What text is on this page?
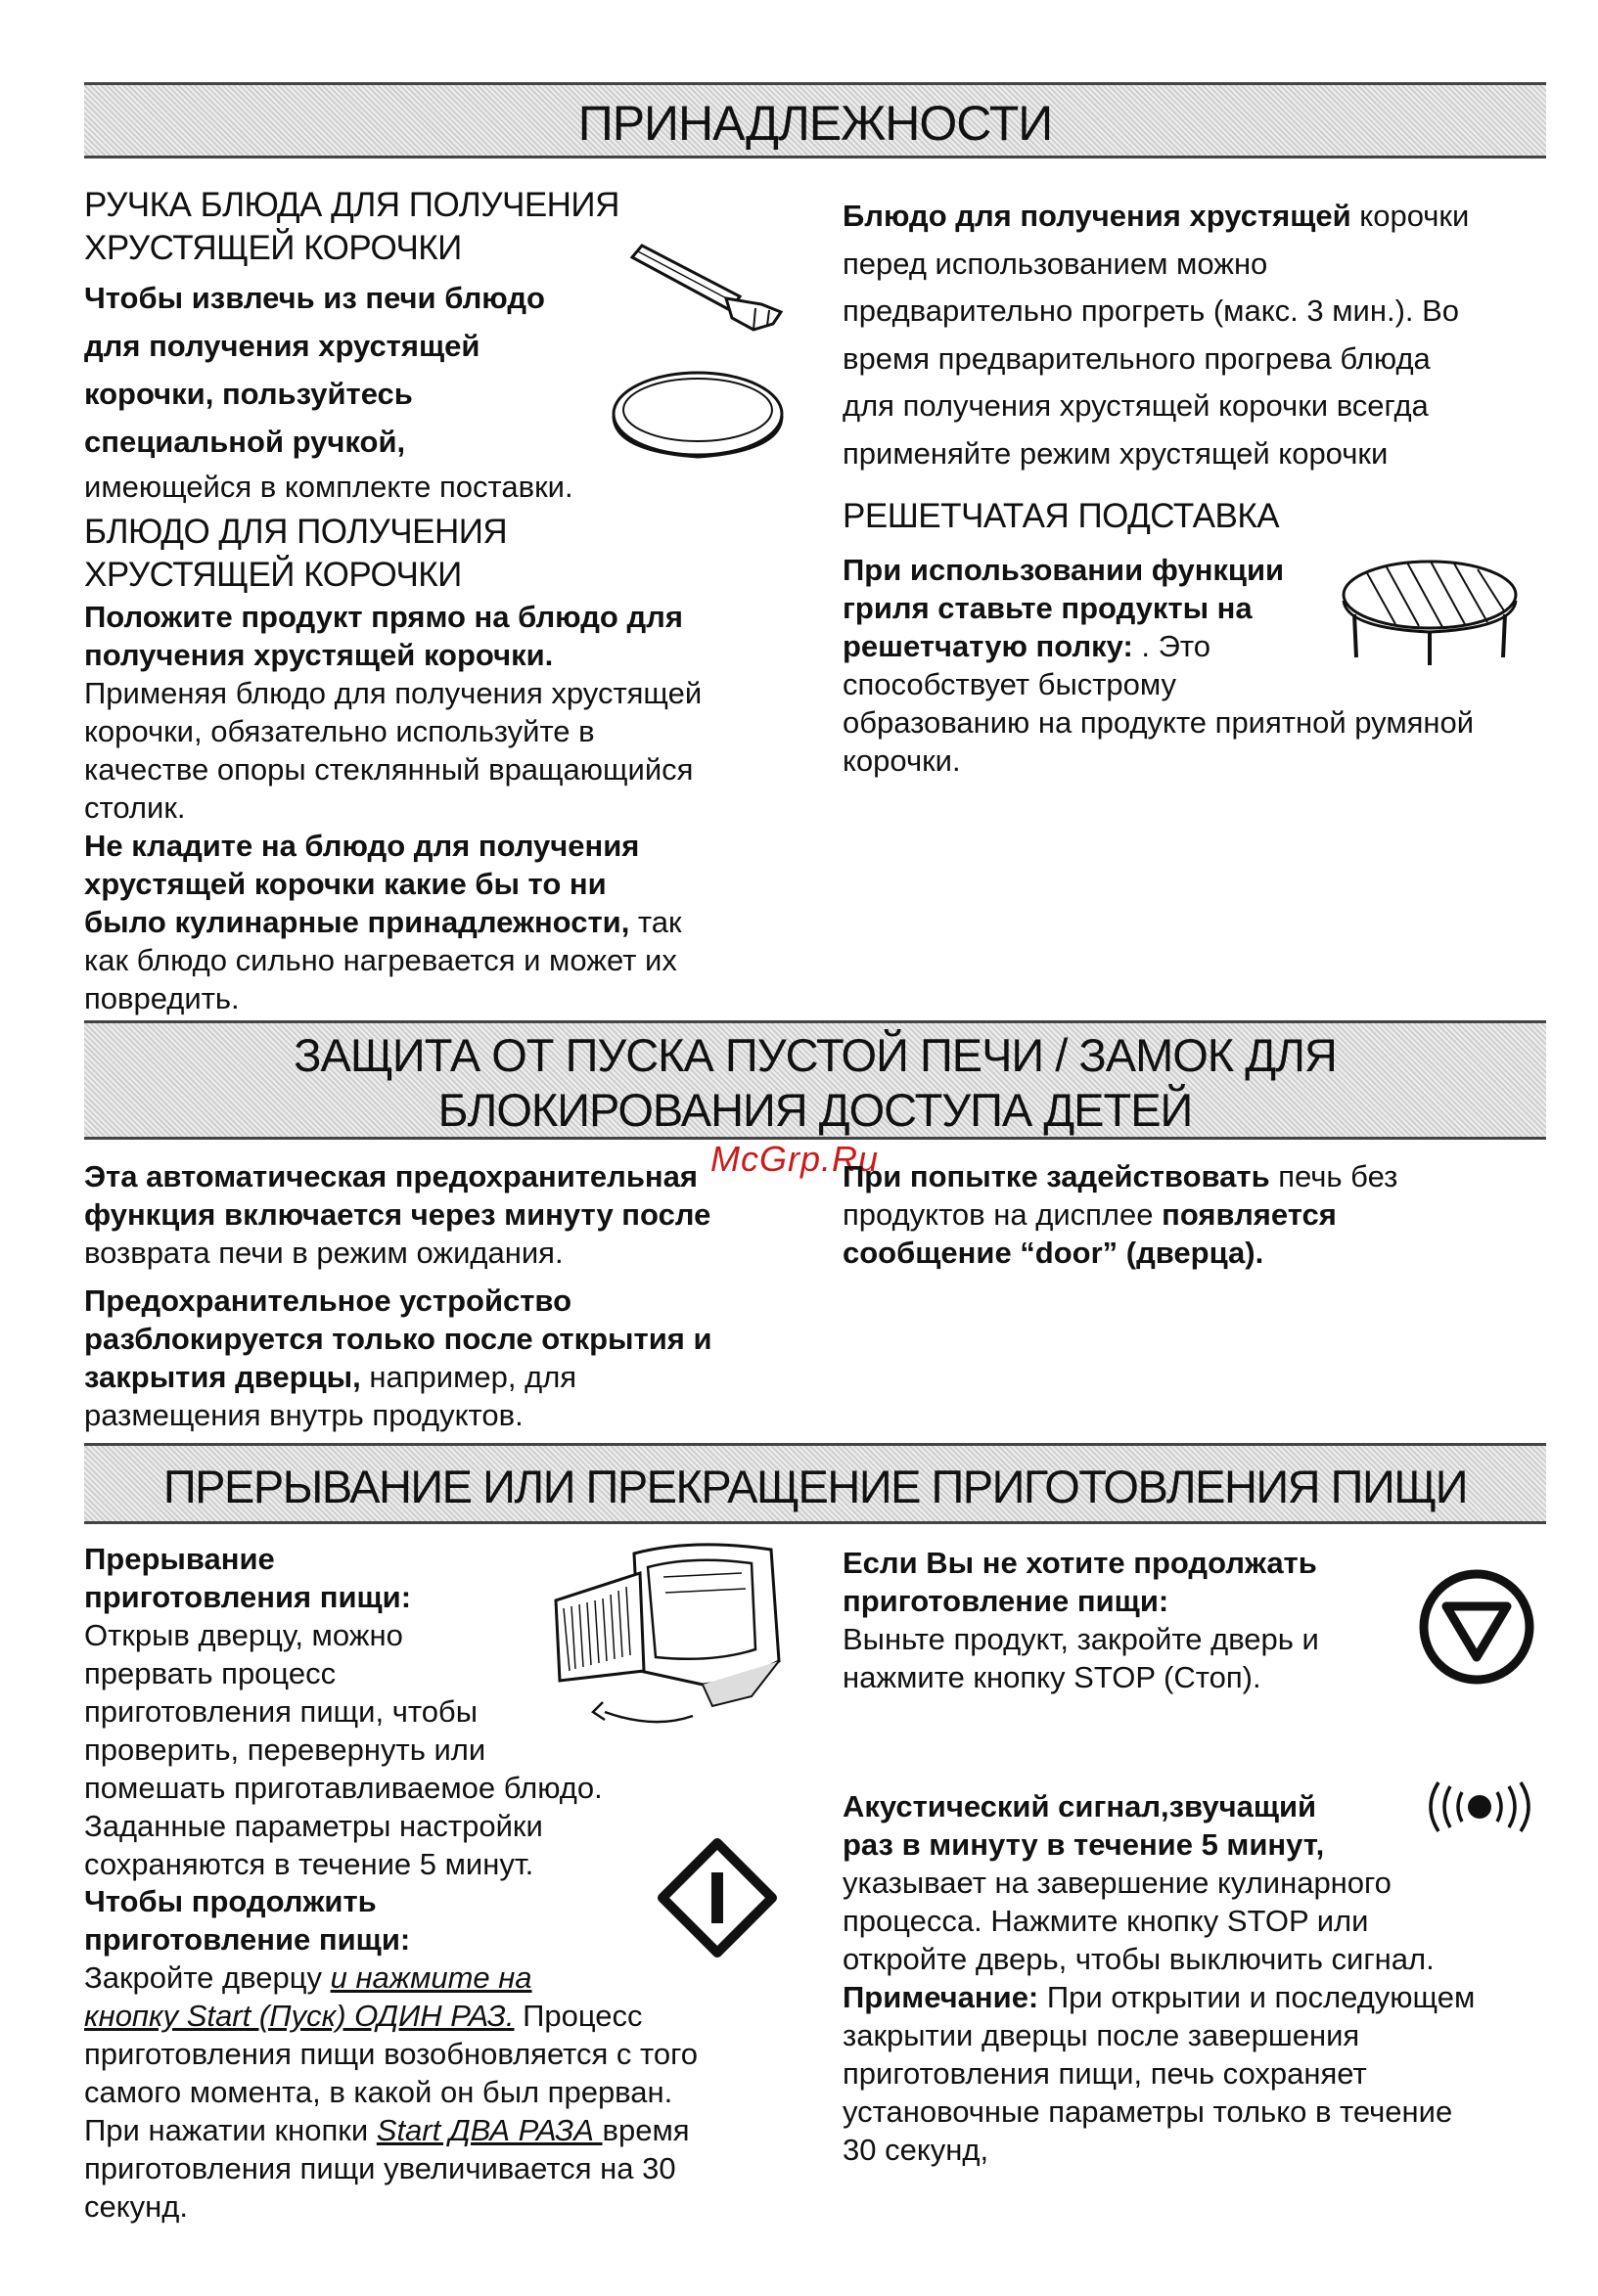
ПРИНАДЛЕЖНОСТИ
РУЧКА БЛЮДА ДЛЯ ПОЛУЧЕНИЯ
ХРУСТЯЩЕЙ КОРОЧКИ
Чтобы извлечь из печи блюдо
для получения хрустящей
корочки, пользуйтесь
специальной ручкой,
имеющейся в комплекте поставки.
БЛЮДО ДЛЯ ПОЛУЧЕНИЯ
ХРУСТЯЩЕЙ КОРОЧКИ
Положите продукт прямо на блюдо для
получения хрустящей корочки.
Применяя блюдо для получения хрустящей
корочки, обязательно используйте в
качестве опоры стеклянный вращающийся
столик.
Не кладите на блюдо для получения
хрустящей корочки какие бы то ни
было кулинарные принадлежности, так
как блюдо сильно нагревается и может их
повредить.
Блюдо для получения хрустящей корочки
перед использованием можно
предварительно прогреть (макс. 3 мин.). Во
время предварительного прогрева блюда
для получения хрустящей корочки всегда
применяйте режим хрустящей корочки
РЕШЕТЧАТАЯ ПОДСТАВКА
При использовании функции
гриля ставьте продукты на
решетчатую полку: . Это
способствует быстрому
образованию на продукте приятной румяной
корочки.
ЗАЩИТА ОТ ПУСКА ПУСТОЙ ПЕЧИ / ЗАМОК ДЛЯ
БЛОКИРОВАНИЯ ДОСТУПА ДЕТЕЙ
McGrp.Ru
Эта автоматическая предохранительная
функция включается через минуту после
возврата печи в режим ожидания.
Предохранительное устройство
разблокируется только после открытия и
закрытия дверцы, например, для
размещения внутрь продуктов.
При попытке задействовать печь без
продуктов на дисплее появляется
сообщение “door” (дверца).
ПРЕРЫВАНИЕ ИЛИ ПРЕКРАЩЕНИЕ ПРИГОТОВЛЕНИЯ ПИЩИ
Прерывание
приготовления пищи:
Открыв дверцу, можно
прервать процесс
приготовления пищи, чтобы
проверить, перевернуть или
помешать приготавливаемое блюдо.
Заданные параметры настройки
сохраняются в течение 5 минут.
Чтобы продолжить
приготовление пищи:
Закройте дверцу и нажмите на
кнопку Start (Пуск) ОДИН РАЗ. Процесс
приготовления пищи возобновляется с того
самого момента, в какой он был прерван.
При нажатии кнопки Start ДВА РАЗА время
приготовления пищи увеличивается на 30
секунд.
Если Вы не хотите продолжать
приготовление пищи:
Выньте продукт, закройте дверь и
нажмите кнопку STOP (Стоп).
Акустический сигнал,звучащий
раз в минуту в течение 5 минут,
указывает на завершение кулинарного
процесса. Нажмите кнопку STOP или
откройте дверь, чтобы выключить сигнал.
Примечание: При открытии и последующем
закрытии дверцы после завершения
приготовления пищи, печь сохраняет
установочные параметры только в течение
30 секунд,
